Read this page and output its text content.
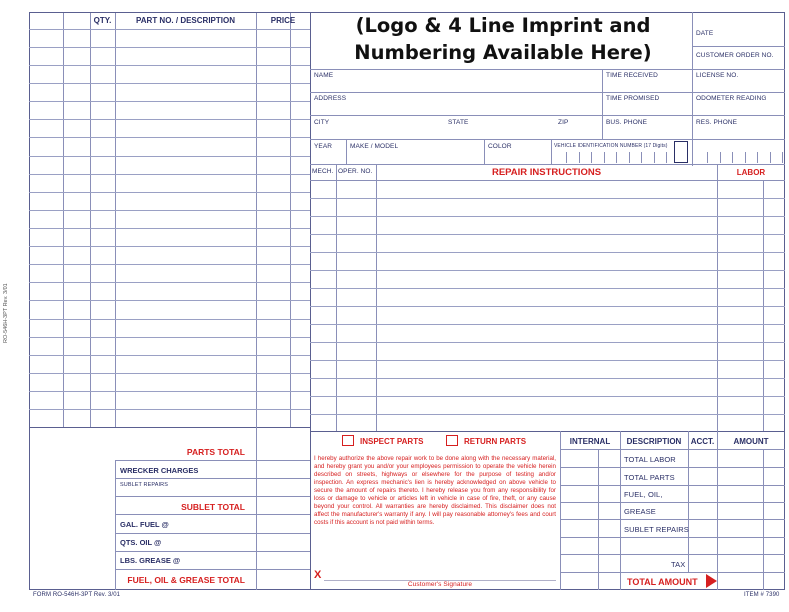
RO-546H-3PT Rev. 3/01
QTY.	PART NO. / DESCRIPTION	PRICE
PARTS TOTAL
WRECKER CHARGES
SUBLET REPAIRS
SUBLET TOTAL
GAL. FUEL @
QTS. OIL @
LBS. GREASE @
FUEL, OIL & GREASE TOTAL
(Logo & 4 Line Imprint and
Numbering Available Here)
DATE
CUSTOMER ORDER NO.
NAME	TIME RECEIVED	LICENSE NO.
ADDRESS	TIME PROMISED	ODOMETER READING
CITY	STATE	ZIP	BUS. PHONE	RES. PHONE
YEAR	MAKE / MODEL	COLOR	VEHICLE IDENTIFICATION NUMBER (17 Digits)
MECH. OPER. NO.	REPAIR INSTRUCTIONS	LABOR
INSPECT PARTS	RETURN PARTS
I hereby authorize the above repair work to be done along with the necessary material, and hereby grant you and/or your employees permission to operate the vehicle herein described on streets, highways or elsewhere for the purpose of testing and/or inspection. An express mechanic's lien is hereby acknowledged on above vehicle to secure the amount of repairs thereto. I hereby release you from any responsibility for loss or damage to vehicle or articles left in vehicle in case of fire, theft, or any cause beyond your control. All warranties are hereby disclaimed. This disclaimer does not affect the manufacturer's warranty if any. I will pay reasonable attorney's fees and court costs if this account is not paid within terms.
X
Customer's Signature
INTERNAL	DESCRIPTION	ACCT.	AMOUNT
TOTAL LABOR
TOTAL PARTS
FUEL, OIL,
GREASE
SUBLET REPAIRS
TAX
TOTAL AMOUNT
FORM RO-546H-3PT Rev. 3/01	ITEM # 7390
